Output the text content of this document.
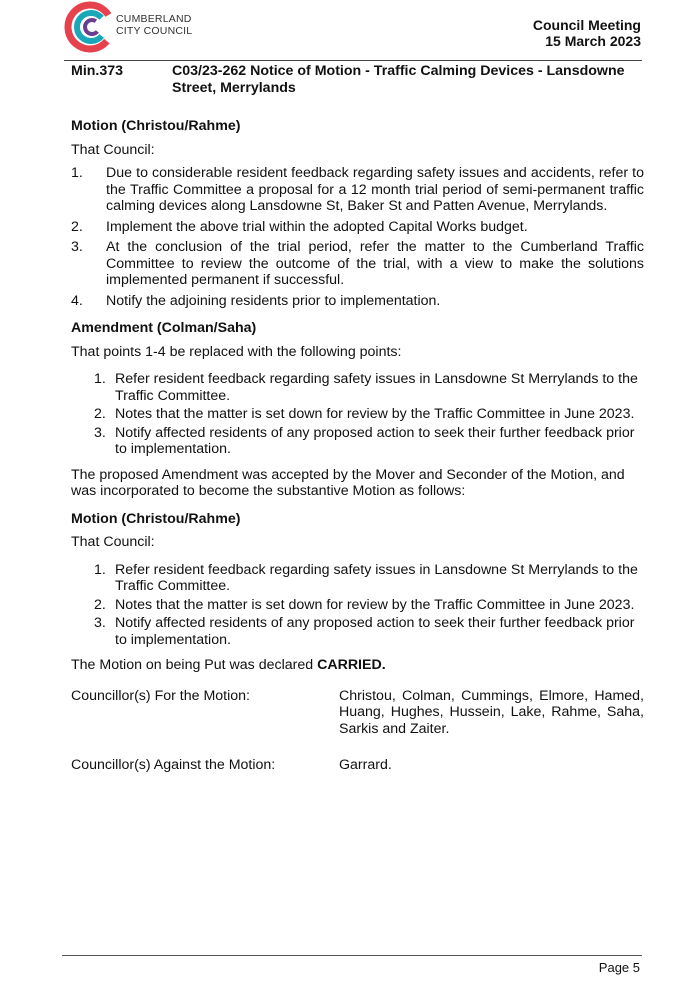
CUMBERLAND
CITY COUNCIL	Council Meeting
15 March 2023
Min.373	C03/23-262 Notice of Motion - Traffic Calming Devices - Lansdowne Street, Merrylands

Motion (Christou/Rahme)

That Council:

1. Due to considerable resident feedback regarding safety issues and accidents, refer to the Traffic Committee a proposal for a 12 month trial period of semi-permanent traffic calming devices along Lansdowne St, Baker St and Patten Avenue, Merrylands.
2. Implement the above trial within the adopted Capital Works budget.
3. At the conclusion of the trial period, refer the matter to the Cumberland Traffic Committee to review the outcome of the trial, with a view to make the solutions implemented permanent if successful.
4. Notify the adjoining residents prior to implementation.

Amendment (Colman/Saha)

That points 1-4 be replaced with the following points:

1. Refer resident feedback regarding safety issues in Lansdowne St Merrylands to the Traffic Committee.
2. Notes that the matter is set down for review by the Traffic Committee in June 2023.
3. Notify affected residents of any proposed action to seek their further feedback prior to implementation.

The proposed Amendment was accepted by the Mover and Seconder of the Motion, and was incorporated to become the substantive Motion as follows:

Motion (Christou/Rahme)

That Council:

1. Refer resident feedback regarding safety issues in Lansdowne St Merrylands to the Traffic Committee.
2. Notes that the matter is set down for review by the Traffic Committee in June 2023.
3. Notify affected residents of any proposed action to seek their further feedback prior to implementation.

The Motion on being Put was declared CARRIED.

Councillor(s) For the Motion:	Christou, Colman, Cummings, Elmore, Hamed, Huang, Hughes, Hussein, Lake, Rahme, Saha, Sarkis and Zaiter.
Councillor(s) Against the Motion:	Garrard.
Page 5
